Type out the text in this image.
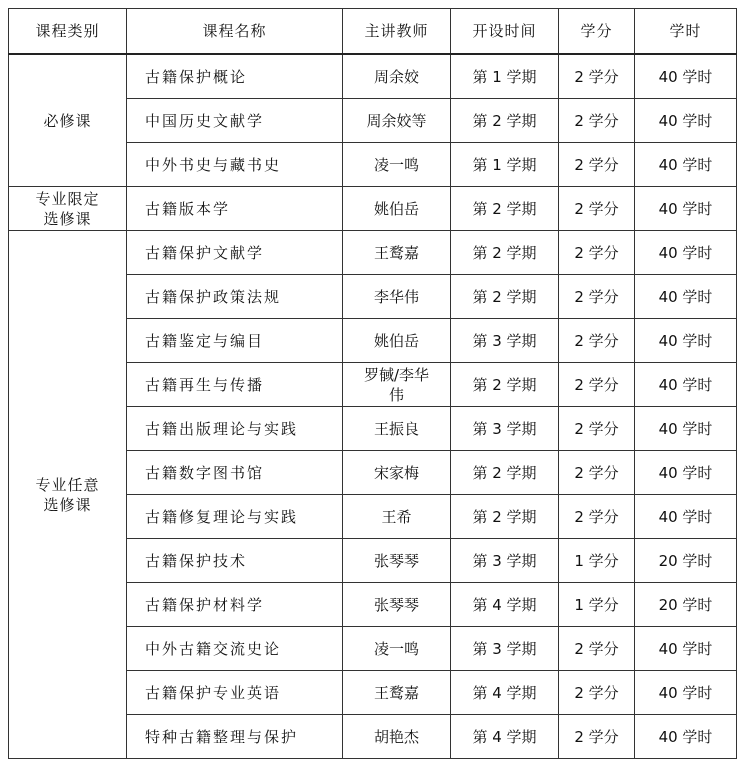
课程类别	课程名称	主讲教师	开设时间	学分	学时
必修课	古籍保护概论	周余姣	第 1 学期	2 学分	40 学时
	中国历史文献学	周余姣等	第 2 学期	2 学分	40 学时
	中外书史与藏书史	凌一鸣	第 1 学期	2 学分	40 学时
专业限定选修课	古籍版本学	姚伯岳	第 2 学期	2 学分	40 学时
专业任意选修课	古籍保护文献学	王鹜嘉	第 2 学期	2 学分	40 学时
	古籍保护政策法规	李华伟	第 2 学期	2 学分	40 学时
	古籍鉴定与编目	姚伯岳	第 3 学期	2 学分	40 学时
	古籍再生与传播	罗戫/李华伟	第 2 学期	2 学分	40 学时
	古籍出版理论与实践	王振良	第 3 学期	2 学分	40 学时
	古籍数字图书馆	宋家梅	第 2 学期	2 学分	40 学时
	古籍修复理论与实践	王希	第 2 学期	2 学分	40 学时
	古籍保护技术	张琴琴	第 3 学期	1 学分	20 学时
	古籍保护材料学	张琴琴	第 4 学期	1 学分	20 学时
	中外古籍交流史论	凌一鸣	第 3 学期	2 学分	40 学时
	古籍保护专业英语	王鹜嘉	第 4 学期	2 学分	40 学时
	特种古籍整理与保护	胡艳杰	第 4 学期	2 学分	40 学时
